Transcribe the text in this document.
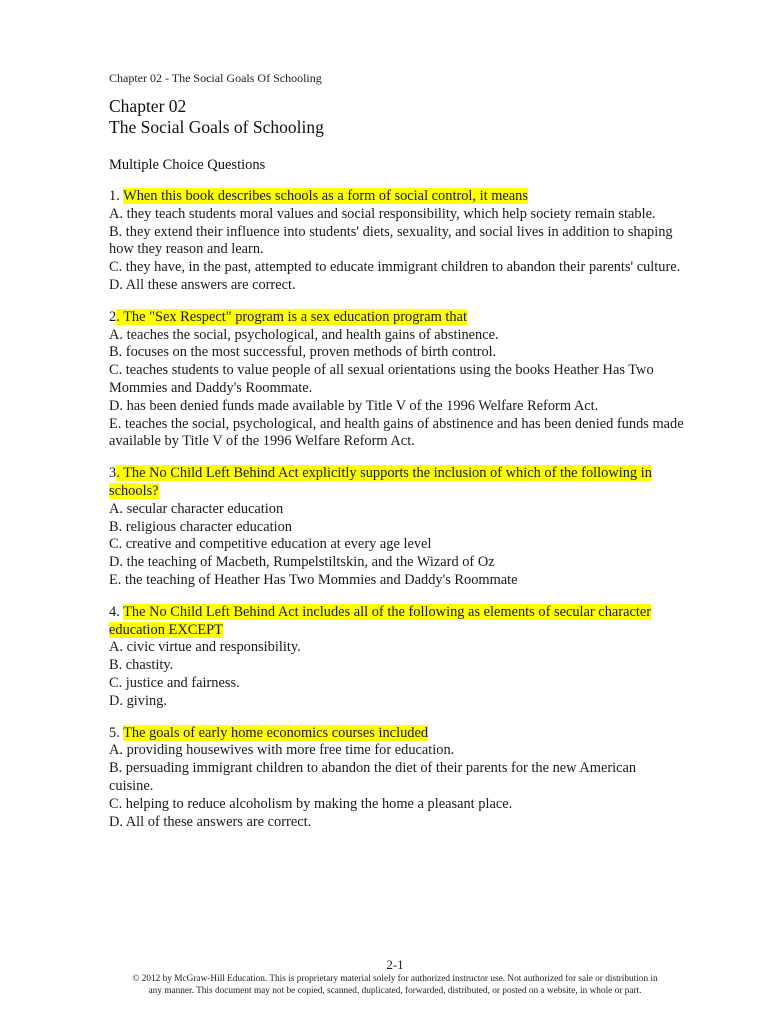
Chapter 02 - The Social Goals Of Schooling

Chapter 02
The Social Goals of Schooling
Multiple Choice Questions

1. When this book describes schools as a form of social control, it means

A. they teach students moral values and social responsibility, which help society remain stable.
B. they extend their influence into students' diets, sexuality, and social lives in addition to shaping how they reason and learn.
C. they have, in the past, attempted to educate immigrant children to abandon their parents' culture.
D. All these answers are correct.

2. The "Sex Respect" program is a sex education program that

A. teaches the social, psychological, and health gains of abstinence.
B. focuses on the most successful, proven methods of birth control.
C. teaches students to value people of all sexual orientations using the books Heather Has Two Mommies and Daddy's Roommate.
D. has been denied funds made available by Title V of the 1996 Welfare Reform Act.
E. teaches the social, psychological, and health gains of abstinence and has been denied funds made available by Title V of the 1996 Welfare Reform Act.

3. The No Child Left Behind Act explicitly supports the inclusion of which of the following in schools?

A. secular character education
B. religious character education
C. creative and competitive education at every age level
D. the teaching of Macbeth, Rumpelstiltskin, and the Wizard of Oz
E. the teaching of Heather Has Two Mommies and Daddy's Roommate

4. The No Child Left Behind Act includes all of the following as elements of secular character education EXCEPT

A. civic virtue and responsibility.
B. chastity.
C. justice and fairness.
D. giving.

5. The goals of early home economics courses included

A. providing housewives with more free time for education.
B. persuading immigrant children to abandon the diet of their parents for the new American cuisine.
C. helping to reduce alcoholism by making the home a pleasant place.
D. All of these answers are correct.
2-1
© 2012 by McGraw-Hill Education. This is proprietary material solely for authorized instructor use. Not authorized for sale or distribution in
any manner. This document may not be copied, scanned, duplicated, forwarded, distributed, or posted on a website, in whole or part.
